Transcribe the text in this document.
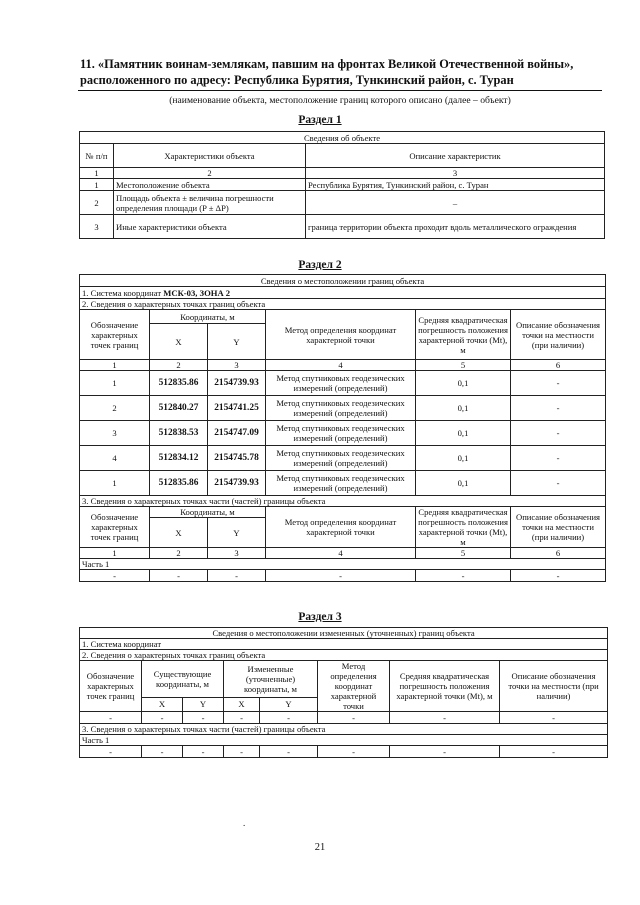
11. «Памятник воинам-землякам, павшим на фронтах Великой Отечественной войны»,
расположенного по адресу: Республика Бурятия, Тункинский район, с. Туран
(наименование объекта, местоположение границ которого описано (далее – объект)
Раздел 1
Сведения об объекте		
№ п/п	Характеристики объекта	Описание характеристик
1	2	3
1	Местоположение объекта	Республика Бурятия, Тункинский район, с. Туран
2	Площадь объекта ± величина погрешности определения площади (P ± ΔP)	–
3	Иные характеристики объекта	граница территории объекта проходит вдоль металлического ограждения
Раздел 2
Сведения о местоположении границ объекта					
1. Система координат МСК-03, ЗОНА 2					
2. Сведения о характерных точках границ объекта					
Обозначение характерных точек границ	Координаты, м		Метод определения координат характерной точки	Средняя квадратическая погрешность положения характерной точки (Mt), м	Описание обозначения точки на местности (при наличии)
	X	Y			
1	2	3	4	5	6
1	512835.86	2154739.93	Метод спутниковых геодезических измерений (определений)	0,1	-
2	512840.27	2154741.25	Метод спутниковых геодезических измерений (определений)	0,1	-
3	512838.53	2154747.09	Метод спутниковых геодезических измерений (определений)	0,1	-
4	512834.12	2154745.78	Метод спутниковых геодезических измерений (определений)	0,1	-
1	512835.86	2154739.93	Метод спутниковых геодезических измерений (определений)	0,1	-
3. Сведения о характерных точках части (частей) границы объекта					
Обозначение характерных точек границ	Координаты, м		Метод определения координат характерной точки	Средняя квадратическая погрешность положения характерной точки (Mt), м	Описание обозначения точки на местности (при наличии)
	X	Y			
1	2	3	4	5	6
Часть 1					
-	-	-	-	-	-
Раздел 3
Сведения о местоположении измененных (уточненных) границ объекта							
1. Система координат							
2. Сведения о характерных точках границ объекта							
Обозначение характерных точек границ	Существующие координаты, м		Измененные (уточненные) координаты, м		Метод определения координат характерной точки	Средняя квадратическая погрешность положения характерной точки (Mt), м	Описание обозначения точки на местности (при наличии)
	X	Y	X	Y			
-	-	-	-	-	-	-	-
3. Сведения о характерных точках части (частей) границы объекта							
Часть 1							
-	-	-	-	-	-	-	-
.
21
